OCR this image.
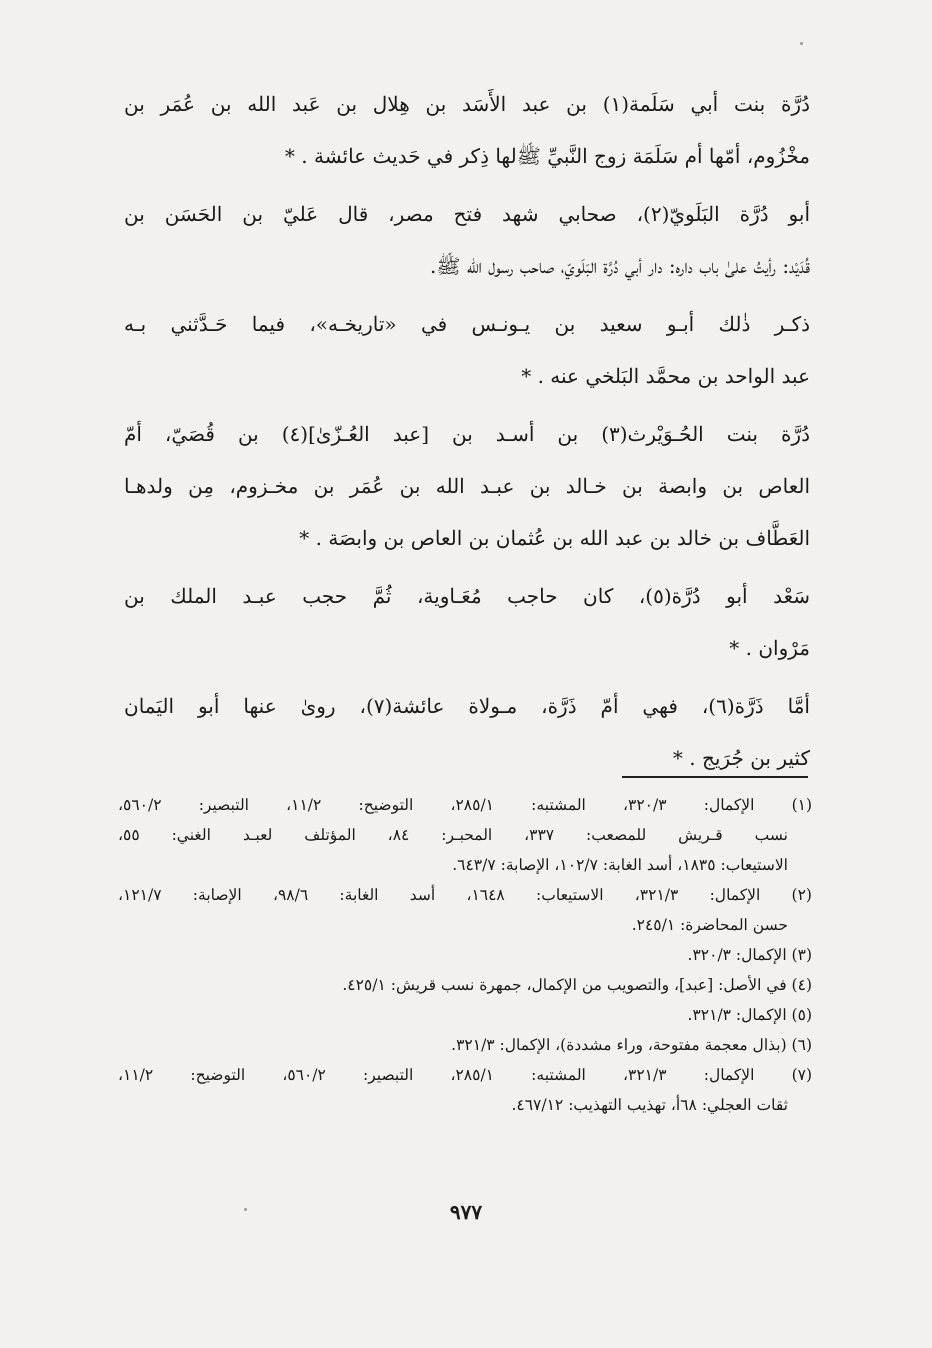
دُرَّة بنت أبي سَلَمة(١) بن عبد الأَسَد بن هِلال بن عَبد الله بن عُمَر بن
مخْزُوم، أمّها أم سَلَمَة زوج النَّبيِّ ﷺلها ذِكر في حَديث عائشة . *
أبو دُرَّة البَلَويّ(٢)، صحابي شهد فتح مصر، قال عَليّ بن الحَسَن بن
قُدَيْد: رأيتُ علىٰ باب داره: دار أبي دُرَّة البَلَويّ، صاحب رسول الله ﷺ.
ذكـر ذٰلك أبـو سعيد بن يـونـس في «تاريخـه»، فيما حَـدَّثني بـه
عبد الواحد بن محمَّد البَلخي عنه . *
دُرَّة بنت الحُـوَيْرث(٣) بن أسـد بن [عبد العُـزّىٰ](٤) بن قُصَيّ، أمّ
العاص بن وابصة بن خـالد بن عبـد الله بن عُمَر بن مخـزوم، مِن ولدهـا
العَطَّاف بن خالد بن عبد الله بن عُثمان بن العاص بن وابصَة . *
سَعْد أبو دُرَّة(٥)، كان حاجب مُعَـاوية، ثُمَّ حجب عبـد الملك بن
مَرْوان . *
أمَّا ذَرَّة(٦)، فهي أمّ ذَرَّة، مـولاة عائشة(٧)، روىٰ عنها أبو اليَمان
كثير بن جُرَيج . *
(١) الإكمال: ٣٢٠/٣، المشتبه: ٢٨٥/١، التوضيح: ١١/٢، التبصير: ٥٦٠/٢،
نسب قـريش للمصعب: ٣٣٧، المحبـر: ٨٤، المؤتلف لعبـد الغني: ٥٥،
الاستيعاب: ١٨٣٥، أسد الغابة: ١٠٢/٧، الإصابة: ٦٤٣/٧.
(٢) الإكمال: ٣٢١/٣، الاستيعاب: ١٦٤٨، أسد الغابة: ٩٨/٦، الإصابة: ١٢١/٧،
حسن المحاضرة: ٢٤٥/١.
(٣) الإكمال: ٣٢٠/٣.
(٤) في الأصل: [عبد]، والتصويب من الإكمال، جمهرة نسب قريش: ٤٢٥/١.
(٥) الإكمال: ٣٢١/٣.
(٦) (بذال معجمة مفتوحة، وراء مشددة)، الإكمال: ٣٢١/٣.
(٧) الإكمال: ٣٢١/٣، المشتبه: ٢٨٥/١، التبصير: ٥٦٠/٢، التوضيح: ١١/٢،
ثقات العجلي: ٦٨أ، تهذيب التهذيب: ٤٦٧/١٢.
٩٧٧
